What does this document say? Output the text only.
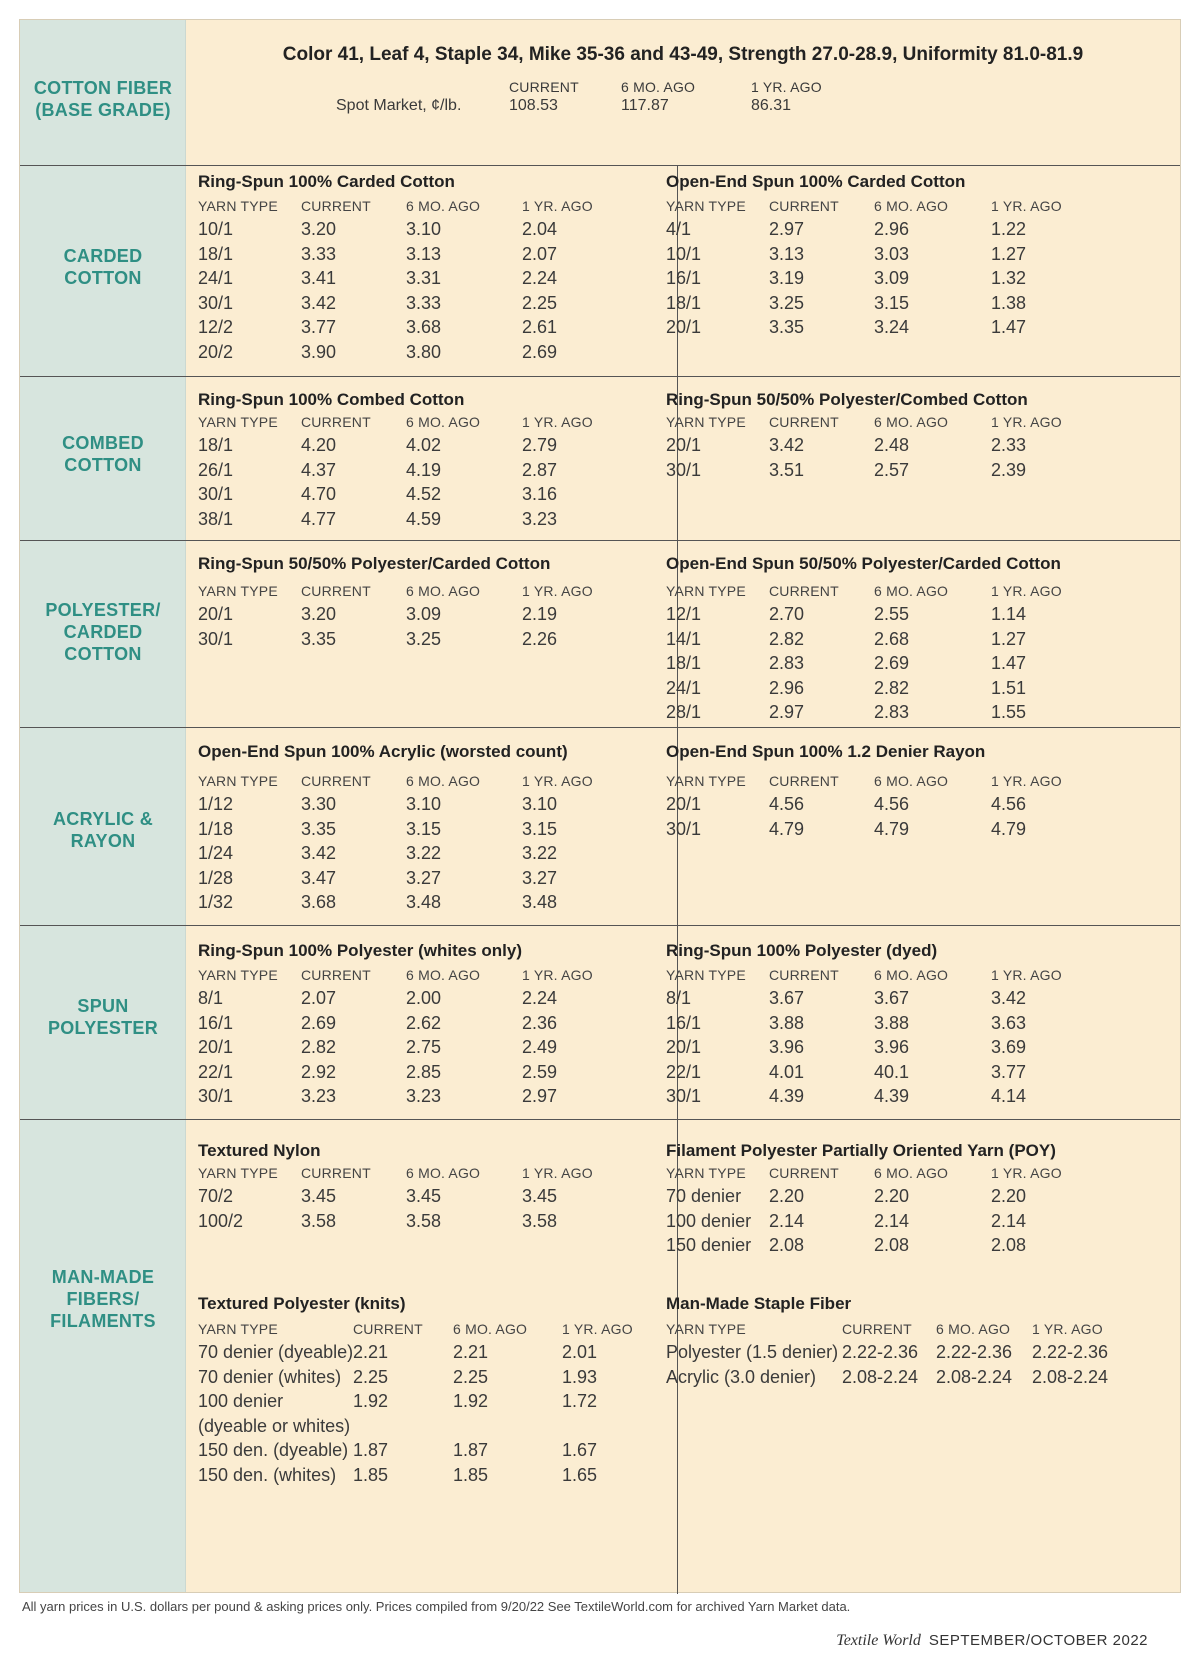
COTTON FIBER
(BASE GRADE)
Color 41, Leaf 4, Staple 34, Mike 35-36 and 43-49, Strength 27.0-28.9, Uniformity 81.0-81.9
CURRENT	6 MO. AGO	1 YR. AGO
Spot Market, ¢/lb.	108.53	117.87	86.31
CARDED
COTTON
COMBED
COTTON
POLYESTER/
CARDED
COTTON
ACRYLIC &
RAYON
SPUN
POLYESTER
MAN-MADE
FIBERS/
FILAMENTS
Ring-Spun 100% Carded Cotton
YARN TYPE CURRENT	6 MO. AGO	1 YR. AGO
10/1	3.20	3.10	2.04
18/1	3.33	3.13	2.07
24/1	3.41	3.31	2.24
30/1	3.42	3.33	2.25
12/2	3.77	3.68	2.61
20/2	3.90	3.80	2.69
Open-End Spun 100% Carded Cotton
YARN TYPE CURRENT	6 MO. AGO	1 YR. AGO
4/1	2.97	2.96	1.22
10/1	3.13	3.03	1.27
16/1	3.19	3.09	1.32
18/1	3.25	3.15	1.38
20/1	3.35	3.24	1.47
Ring-Spun 100% Combed Cotton
YARN TYPE CURRENT	6 MO. AGO	1 YR. AGO
18/1	4.20	4.02	2.79
26/1	4.37	4.19	2.87
30/1	4.70	4.52	3.16
38/1	4.77	4.59	3.23
Ring-Spun 50/50% Polyester/Combed Cotton
YARN TYPE CURRENT	6 MO. AGO	1 YR. AGO
20/1	3.42	2.48	2.33
30/1	3.51	2.57	2.39
Ring-Spun 50/50% Polyester/Carded Cotton
YARN TYPE CURRENT	6 MO. AGO	1 YR. AGO
20/1	3.20	3.09	2.19
30/1	3.35	3.25	2.26
Open-End Spun 50/50% Polyester/Carded Cotton
YARN TYPE CURRENT	6 MO. AGO	1 YR. AGO
12/1	2.70	2.55	1.14
14/1	2.82	2.68	1.27
18/1	2.83	2.69	1.47
24/1	2.96	2.82	1.51
28/1	2.97	2.83	1.55
Open-End Spun 100% Acrylic (worsted count)
YARN TYPE CURRENT	6 MO. AGO	1 YR. AGO
1/12	3.30	3.10	3.10
1/18	3.35	3.15	3.15
1/24	3.42	3.22	3.22
1/28	3.47	3.27	3.27
1/32	3.68	3.48	3.48
Open-End Spun 100% 1.2 Denier Rayon
YARN TYPE CURRENT	6 MO. AGO	1 YR. AGO
20/1	4.56	4.56	4.56
30/1	4.79	4.79	4.79
Ring-Spun 100% Polyester (whites only)
YARN TYPE CURRENT	6 MO. AGO	1 YR. AGO
8/1	2.07	2.00	2.24
16/1	2.69	2.62	2.36
20/1	2.82	2.75	2.49
22/1	2.92	2.85	2.59
30/1	3.23	3.23	2.97
Ring-Spun 100% Polyester (dyed)
YARN TYPE CURRENT	6 MO. AGO	1 YR. AGO
8/1	3.67	3.67	3.42
16/1	3.88	3.88	3.63
20/1	3.96	3.96	3.69
22/1	4.01	40.1	3.77
30/1	4.39	4.39	4.14
Textured Nylon
YARN TYPE CURRENT	6 MO. AGO	1 YR. AGO
70/2	3.45	3.45	3.45
100/2	3.58	3.58	3.58
Filament Polyester Partially Oriented Yarn (POY)
YARN TYPE CURRENT	6 MO. AGO	1 YR. AGO
70 denier 2.20	2.20	2.20
100 denier 2.14	2.14	2.14
150 denier 2.08	2.08	2.08
Textured Polyester (knits)
YARN TYPE	CURRENT 6 MO. AGO 1 YR. AGO
70 denier (dyeable) 2.21	2.21	2.01
70 denier (whites) 2.25	2.25	1.93
100 denier	1.92	1.92	1.72
(dyeable or whites)
150 den. (dyeable) 1.87	1.87	1.67
150 den. (whites) 1.85	1.85	1.65
Man-Made Staple Fiber
YARN TYPE	CURRENT 6 MO. AGO 1 YR. AGO
Polyester (1.5 denier) 2.22-2.36 2.22-2.36 2.22-2.36
Acrylic (3.0 denier) 2.08-2.24 2.08-2.24 2.08-2.24
All yarn prices in U.S. dollars per pound & asking prices only. Prices compiled from 9/20/22 See TextileWorld.com for archived Yarn Market data.
Textile World SEPTEMBER/OCTOBER 2022
